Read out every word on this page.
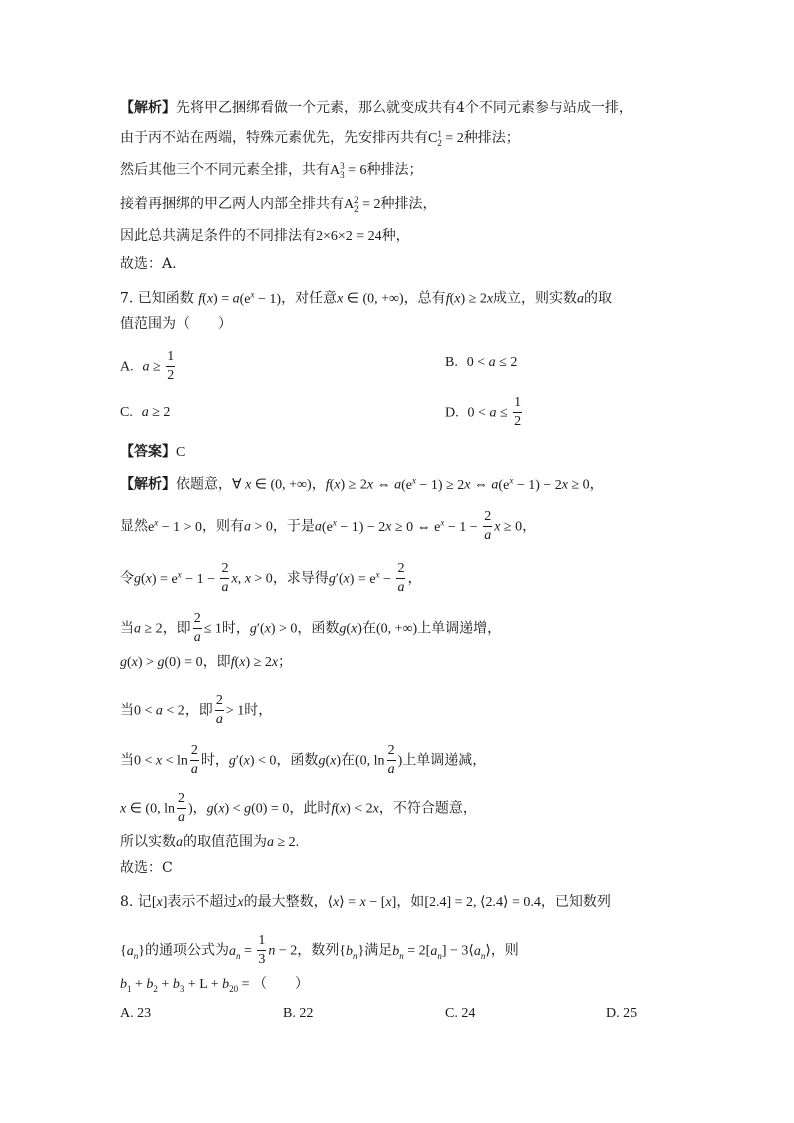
【解析】先将甲乙捆绑看做一个元素，那么就变成共有4个不同元素参与站成一排，
由于丙不站在两端，特殊元素优先，先安排丙共有C 1
2 = 2种排法；
然后其他三个不同元素全排，共有A 3
3 = 6种排法；
接着再捆绑的甲乙两人内部全排共有A 2
2 = 2种排法，
因此总共满足条件的不同排法有2×6×2 = 24种，
故选：A.
7. 已知函数 $f(x) = a(e^x - 1)$，对任意x ∈ (0, +∞)，总有f(x) ≥ 2x成立，则实数a的取
值范围为（　　）
A. $a \ge \frac{1}{2}$	B. 0 < a ≤ 2
C. a ≥ 2	D. $0 < a \le \frac{1}{2}$
【答案】C
【解析】依题意，∀ x ∈ (0, +∞)，f(x) ≥ 2x ⇔ $a(e^x - 1) \ge 2x$ ⇔ $a(e^x - 1) - 2x \ge 0$，
显然$e^x - 1 > 0$，则有a > 0，于是$a(e^x - 1) - 2x \ge 0$ ⇔ $e^x - 1 - \frac{2}{a}$ x ≥ 0，
令$g(x) = e^x - 1 - \frac{2}{a} x$, x > 0，求导得$g'(x) = e^x - \frac{2}{a}$ ，
当a ≥ 2，即 $\frac{2}{a} \le 1$时，g′(x) > 0，函数g(x)在(0, +∞)上单调递增，
g(x) > g(0) = 0，即f(x) ≥ 2x；
当0 < a < 2，即 $\frac{2}{a} > 1$时，
当$0 < x < \ln \frac{2}{a}$ 时，g′(x) < 0，函数g(x)在(0, $\ln \frac{2}{a}$ )上单调递减，
x ∈ (0, $\ln \frac{2}{a}$ )，g(x) < g(0) = 0，此时f(x) < 2x，不符合题意，
所以实数a的取值范围为a ≥ 2.
故选：C
8. 记[x]表示不超过x的最大整数，⟨x⟩ = x − [x]，如[2.4] = 2, ⟨2.4⟩ = 0.4，已知数列
$\{a_n\}$的通项公式为$a_n = \frac{1}{3}$ n − 2，数列$\{b_n\}$满足$b_n = 2[a_n]$ − $3⟨a_n⟩$，则
$b_1 + b_2 + b_3 + L + b_{20}$ = （　　）
A. 23	B. 22	C. 24	D. 25
